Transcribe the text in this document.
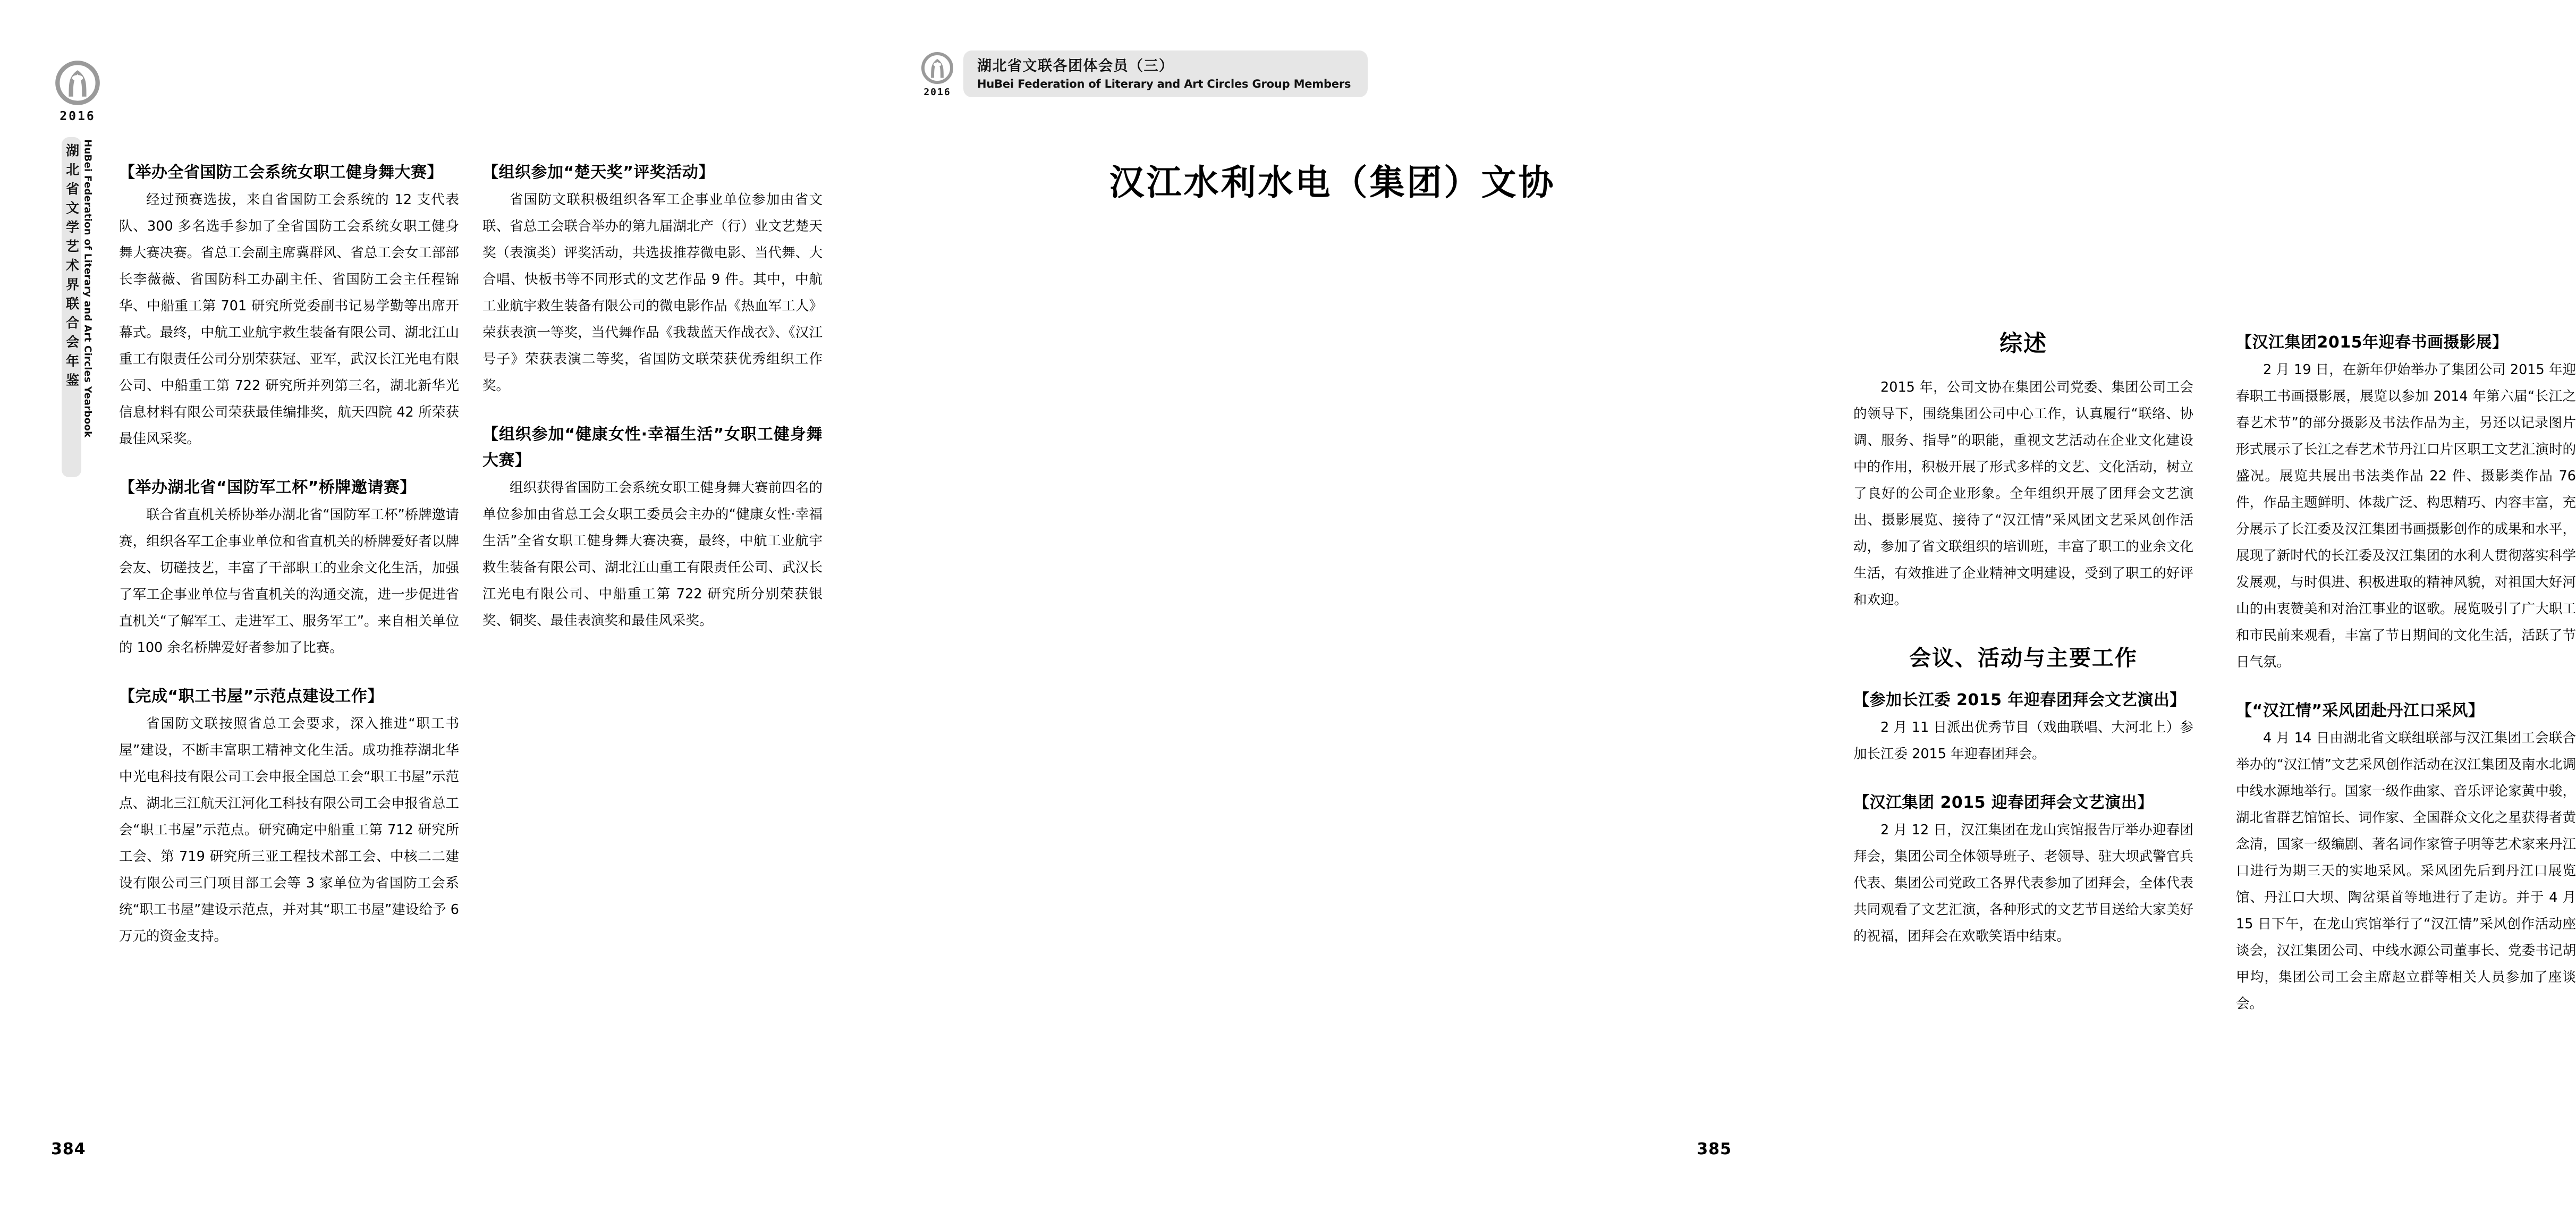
2016
HuBei Federation of Literary and Art Circles Yearbook
湖北省文学艺术界联合会年鉴 【举办全省国防工会系统女职工健身舞大赛】

经过预赛选拔，来自省国防工会系统的 12 支代表队、300 多名选手参加了全省国防工会系统女职工健身舞大赛决赛。省总工会副主席冀群风、省总工会女工部部长李薇薇、省国防科工办副主任、省国防工会主任程锦华、中船重工第 701 研究所党委副书记易学勤等出席开幕式。最终，中航工业航宇救生装备有限公司、湖北江山重工有限责任公司分别荣获冠、亚军，武汉长江光电有限公司、中船重工第 722 研究所并列第三名，湖北新华光信息材料有限公司荣获最佳编排奖，航天四院 42 所荣获最佳风采奖。

【举办湖北省“国防军工杯”桥牌邀请赛】

联合省直机关桥协举办湖北省“国防军工杯”桥牌邀请赛，组织各军工企事业单位和省直机关的桥牌爱好者以牌会友、切磋技艺，丰富了干部职工的业余文化生活，加强了军工企事业单位与省直机关的沟通交流，进一步促进省直机关“了解军工、走进军工、服务军工”。来自相关单位的 100 余名桥牌爱好者参加了比赛。

【完成“职工书屋”示范点建设工作】

省国防文联按照省总工会要求，深入推进“职工书屋”建设，不断丰富职工精神文化生活。成功推荐湖北华中光电科技有限公司工会申报全国总工会“职工书屋”示范点、湖北三江航天江河化工科技有限公司工会申报省总工会“职工书屋”示范点。研究确定中船重工第 712 研究所工会、第 719 研究所三亚工程技术部工会、中核二二建设有限公司三门项目部工会等 3 家单位为省国防工会系统“职工书屋”建设示范点，并对其“职工书屋”建设给予 6 万元的资金支持。

【组织参加“楚天奖”评奖活动】

省国防文联积极组织各军工企事业单位参加由省文联、省总工会联合举办的第九届湖北产（行）业文艺楚天奖（表演类）评奖活动，共选拔推荐微电影、当代舞、大合唱、快板书等不同形式的文艺作品 9 件。其中，中航工业航宇救生装备有限公司的微电影作品《热血军工人》荣获表演一等奖，当代舞作品《我裁蓝天作战衣》、《汉江号子》荣获表演二等奖，省国防文联荣获优秀组织工作奖。

【组织参加“健康女性·幸福生活”女职工健身舞大赛】

组织获得省国防工会系统女职工健身舞大赛前四名的单位参加由省总工会女职工委员会主办的“健康女性·幸福生活”全省女职工健身舞大赛决赛，最终，中航工业航宇救生装备有限公司、湖北江山重工有限责任公司、武汉长江光电有限公司、中船重工第 722 研究所分别荣获银奖、铜奖、最佳表演奖和最佳风采奖。

384
2016
湖北省文联各团体会员（三）
HuBei Federation of Literary and Art Circles Group Members
汉江水利水电（集团）文协
综述

2015 年，公司文协在集团公司党委、集团公司工会的领导下，围绕集团公司中心工作，认真履行“联络、协调、服务、指导”的职能，重视文艺活动在企业文化建设中的作用，积极开展了形式多样的文艺、文化活动，树立了良好的公司企业形象。全年组织开展了团拜会文艺演出、摄影展览、接待了“汉江情”采风团文艺采风创作活动，参加了省文联组织的培训班，丰富了职工的业余文化生活，有效推进了企业精神文明建设，受到了职工的好评和欢迎。

会议、活动与主要工作
【参加长江委 2015 年迎春团拜会文艺演出】

2 月 11 日派出优秀节目（戏曲联唱、大河北上）参加长江委 2015 年迎春团拜会。

【汉江集团 2015 迎春团拜会文艺演出】

2 月 12 日，汉江集团在龙山宾馆报告厅举办迎春团拜会，集团公司全体领导班子、老领导、驻大坝武警官兵代表、集团公司党政工各界代表参加了团拜会，全体代表共同观看了文艺汇演，各种形式的文艺节目送给大家美好的祝福，团拜会在欢歌笑语中结束。

【汉江集团2015年迎春书画摄影展】

2 月 19 日，在新年伊始举办了集团公司 2015 年迎春职工书画摄影展，展览以参加 2014 年第六届“长江之春艺术节”的部分摄影及书法作品为主，另还以记录图片形式展示了长江之春艺术节丹江口片区职工文艺汇演时的盛况。展览共展出书法类作品 22 件、摄影类作品 76 件，作品主题鲜明、体裁广泛、构思精巧、内容丰富，充分展示了长江委及汉江集团书画摄影创作的成果和水平，展现了新时代的长江委及汉江集团的水利人贯彻落实科学发展观，与时俱进、积极进取的精神风貌，对祖国大好河山的由衷赞美和对治江事业的讴歌。展览吸引了广大职工和市民前来观看，丰富了节日期间的文化生活，活跃了节日气氛。

【“汉江情”采风团赴丹江口采风】

4 月 14 日由湖北省文联组联部与汉江集团工会联合举办的“汉江情”文艺采风创作活动在汉江集团及南水北调中线水源地举行。国家一级作曲家、音乐评论家黄中骏，湖北省群艺馆馆长、词作家、全国群众文化之星获得者黄念清，国家一级编剧、著名词作家管子明等艺术家来丹江口进行为期三天的实地采风。采风团先后到丹江口展览馆、丹江口大坝、陶岔渠首等地进行了走访。并于 4 月 15 日下午，在龙山宾馆举行了“汉江情”采风创作活动座谈会，汉江集团公司、中线水源公司董事长、党委书记胡甲均，集团公司工会主席赵立群等相关人员参加了座谈会。

385
